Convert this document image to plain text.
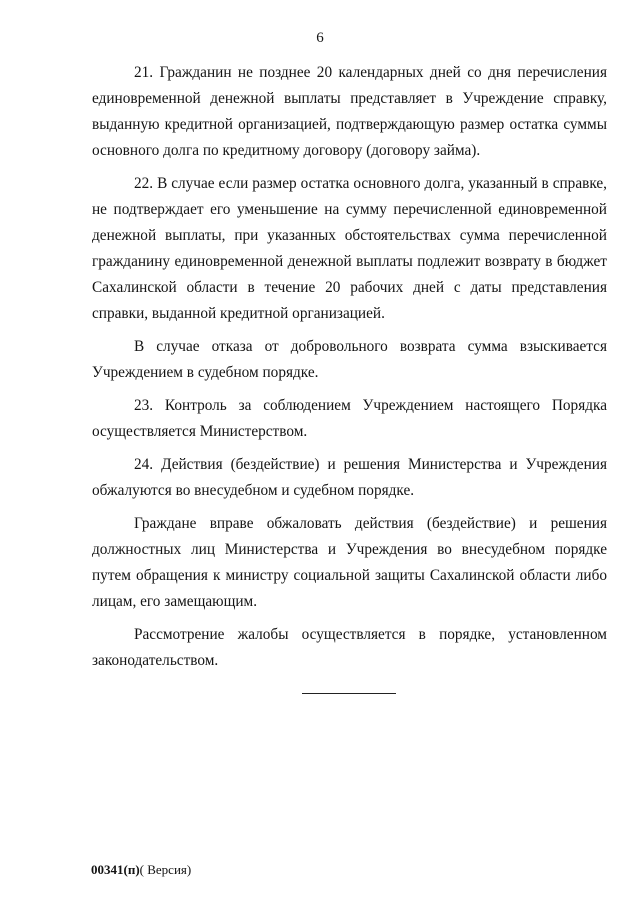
6

21. Гражданин не позднее 20 календарных дней со дня перечисления единовременной денежной выплаты представляет в Учреждение справку, выданную кредитной организацией, подтверждающую размер остатка суммы основного долга по кредитному договору (договору займа).

22. В случае если размер остатка основного долга, указанный в справке, не подтверждает его уменьшение на сумму перечисленной единовременной денежной выплаты, при указанных обстоятельствах сумма перечисленной гражданину единовременной денежной выплаты подлежит возврату в бюджет Сахалинской области в течение 20 рабочих дней с даты представления справки, выданной кредитной организацией.

В случае отказа от добровольного возврата сумма взыскивается Учреждением в судебном порядке.

23. Контроль за соблюдением Учреждением настоящего Порядка осуществляется Министерством.

24. Действия (бездействие) и решения Министерства и Учреждения обжалуются во внесудебном и судебном порядке.

Граждане вправе обжаловать действия (бездействие) и решения должностных лиц Министерства и Учреждения во внесудебном порядке путем обращения к министру социальной защиты Сахалинской области либо лицам, его замещающим.

Рассмотрение жалобы осуществляется в порядке, установленном законодательством.

00341(п)( Версия)
